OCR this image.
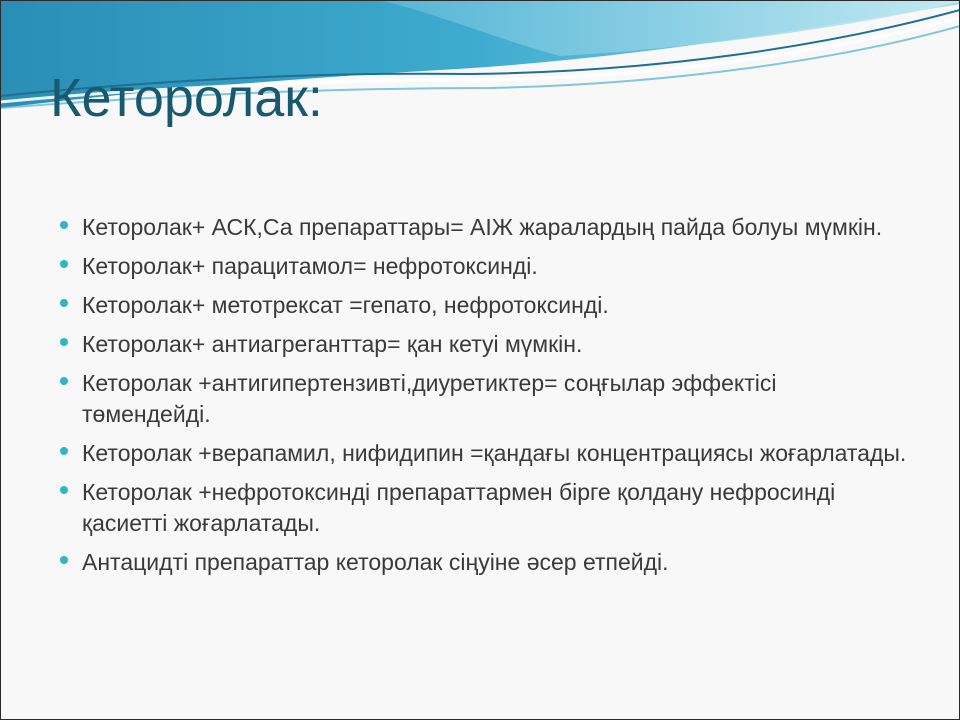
Кеторолак:
Кеторолак+ АСК,Са препараттары= АІЖ жаралардың пайда болуы мүмкін.
Кеторолак+ парацитамол= нефротоксинді.
Кеторолак+ метотрексат =гепато, нефротоксинді.
Кеторолак+ антиагреганттар= қан кетуі мүмкін.
Кеторолак +антигипертензивті,диуретиктер= соңғылар эффектісі төмендейді.
Кеторолак +верапамил, нифидипин =қандағы концентрациясы жоғарлатады.
Кеторолак +нефротоксинді препараттармен бірге қолдану нефросинді қасиетті жоғарлатады.
Антацидті препараттар кеторолак сіңуіне әсер етпейді.
